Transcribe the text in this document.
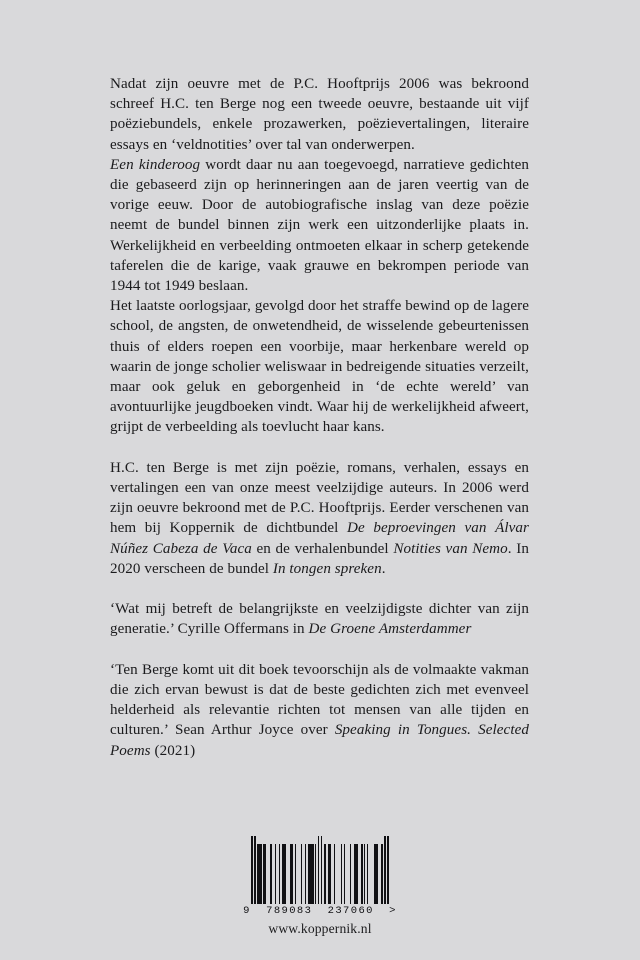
Nadat zijn oeuvre met de P.C. Hooftprijs 2006 was bekroond schreef H.C. ten Berge nog een tweede oeuvre, bestaande uit vijf poëziebundels, enkele prozawerken, poëzievertalingen, literaire essays en ‘veldnotities’ over tal van onderwerpen.

Een kinderoog wordt daar nu aan toegevoegd, narratieve gedichten die gebaseerd zijn op herinneringen aan de jaren veertig van de vorige eeuw. Door de autobiografische inslag van deze poëzie neemt de bundel binnen zijn werk een uitzonderlijke plaats in. Werkelijkheid en verbeelding ontmoeten elkaar in scherp getekende taferelen die de karige, vaak grauwe en bekrompen periode van 1944 tot 1949 beslaan.

Het laatste oorlogsjaar, gevolgd door het straffe bewind op de lagere school, de angsten, de onwetendheid, de wisselende gebeurtenissen thuis of elders roepen een voorbije, maar herkenbare wereld op waarin de jonge scholier weliswaar in bedreigende situaties verzeilt, maar ook geluk en geborgenheid in ‘de echte wereld’ van avontuurlijke jeugdboeken vindt. Waar hij de werkelijkheid afweert, grijpt de verbeelding als toevlucht haar kans.

H.C. ten Berge is met zijn poëzie, romans, verhalen, essays en vertalingen een van onze meest veelzijdige auteurs. In 2006 werd zijn oeuvre bekroond met de P.C. Hooftprijs. Eerder verschenen van hem bij Koppernik de dichtbundel De beproevingen van Álvar Núñez Cabeza de Vaca en de verhalenbundel Notities van Nemo. In 2020 verscheen de bundel In tongen spreken.

‘Wat mij betreft de belangrijkste en veelzijdigste dichter van zijn generatie.’ Cyrille Offermans in De Groene Amsterdammer

‘Ten Berge komt uit dit boek tevoorschijn als de volmaakte vakman die zich ervan bewust is dat de beste gedichten zich met evenveel helderheid als relevantie richten tot mensen van alle tijden en culturen.’ Sean Arthur Joyce over Speaking in Tongues. Selected Poems (2021)

9 789083 237060 >
www.koppernik.nl
